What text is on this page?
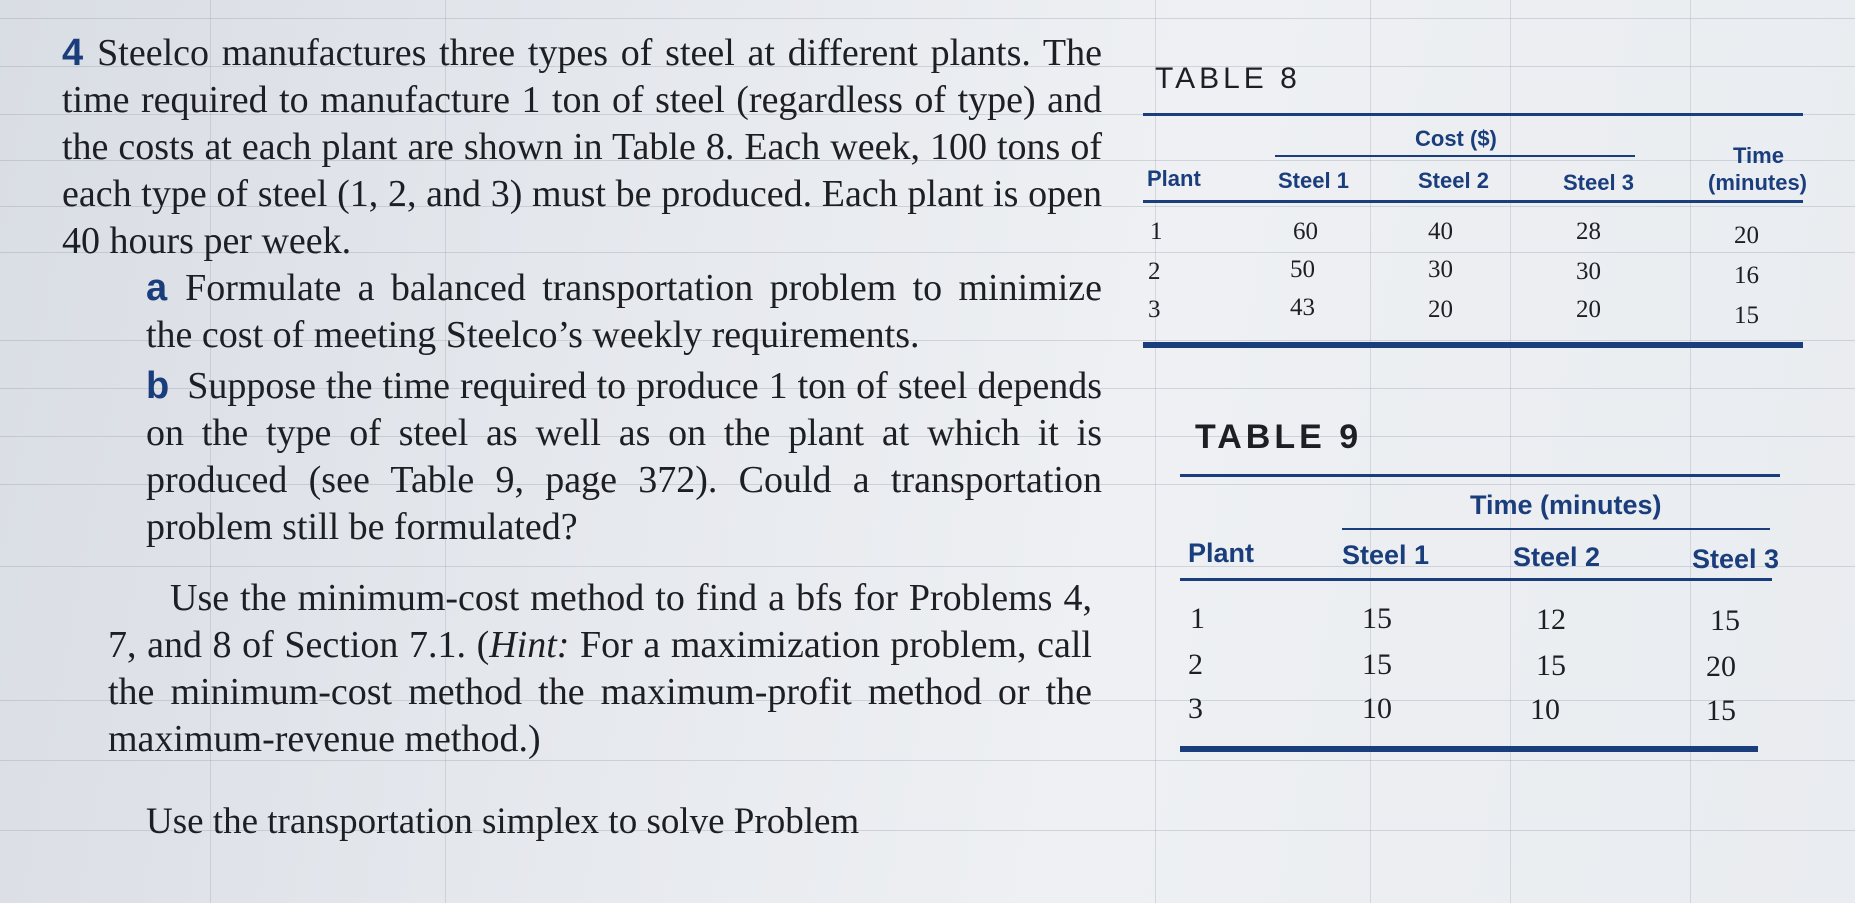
4 Steelco manufactures three types of steel at different plants. The time required to manufacture 1 ton of steel (regardless of type) and the costs at each plant are shown in Table 8. Each week, 100 tons of each type of steel (1, 2, and 3) must be produced. Each plant is open 40 hours per week.

a Formulate a balanced transportation problem to minimize the cost of meeting Steelco’s weekly requirements.

b Suppose the time required to produce 1 ton of steel depends on the type of steel as well as on the plant at which it is produced (see Table 9, page 372). Could a transportation problem still be formulated?

Use the minimum-cost method to find a bfs for Problems 4, 7, and 8 of Section 7.1. (Hint: For a maximization problem, call the minimum-cost method the maximum-profit method or the maximum-revenue method.)

Use the transportation simplex to solve Problem
TABLE 8
Cost ($)
Time
(minutes)
Plant	Steel 1	Steel 2	Steel 3
1	60	40	28	20
2	50	30	30	16
3	43	20	20	15
TABLE 9
Time (minutes)
Plant	Steel 1	Steel 2	Steel 3
1	15	12	15
2	15	15	20
3	10	10	15
